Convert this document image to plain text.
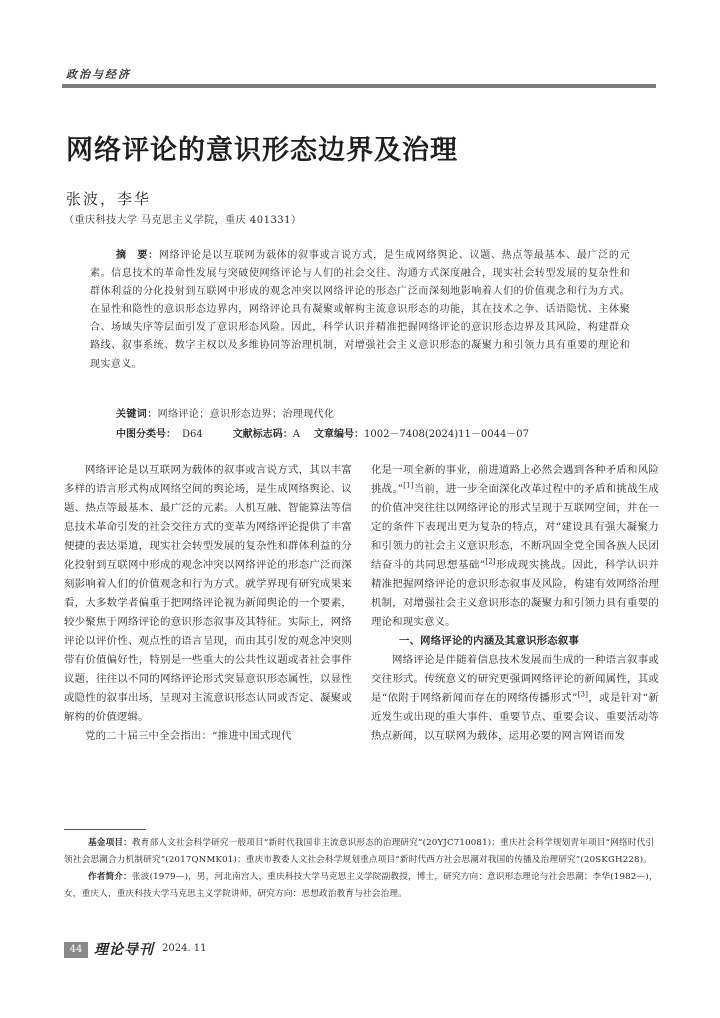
政治与经济
网络评论的意识形态边界及治理
张波，李华
（重庆科技大学 马克思主义学院，重庆 401331）
摘　要：网络评论是以互联网为载体的叙事或言说方式，是生成网络舆论、议题、热点等最基本、最广泛的元素。信息技术的革命性发展与突破使网络评论与人们的社会交往、沟通方式深度融合，现实社会转型发展的复杂性和群体利益的分化投射到互联网中形成的观念冲突以网络评论的形态广泛而深刻地影响着人们的价值观念和行为方式。在显性和隐性的意识形态边界内，网络评论具有凝聚或解构主流意识形态的功能，其在技术之争、话语隐忧、主体聚合、场域失序等层面引发了意识形态风险。因此，科学认识并精准把握网络评论的意识形态边界及其风险，构建群众路线、叙事系统、数字主权以及多维协同等治理机制，对增强社会主义意识形态的凝聚力和引领力具有重要的理论和现实意义。
关键词：网络评论；意识形态边界；治理现代化
中图分类号： D64	文献标志码：A 文章编号：1002－7408(2024)11－0044－07

网络评论是以互联网为载体的叙事或言说方式，其以丰富多样的语言形式构成网络空间的舆论场，是生成网络舆论、议题、热点等最基本、最广泛的元素。人机互融、智能算法等信息技术革命引发的社会交往方式的变革为网络评论提供了丰富便捷的表达渠道，现实社会转型发展的复杂性和群体利益的分化投射到互联网中形成的观念冲突以网络评论的形态广泛而深刻影响着人们的价值观念和行为方式。就学界现有研究成果来看，大多数学者偏重于把网络评论视为新闻舆论的一个要素，较少聚焦于网络评论的意识形态叙事及其特征。实际上，网络评论以评价性、观点性的语言呈现，而由其引发的观念冲突则带有价值偏好性，特别是一些重大的公共性议题或者社会事件议题，往往以不同的网络评论形式突显意识形态属性，以显性或隐性的叙事出场，呈现对主流意识形态认同或否定、凝聚或解构的价值逻辑。

党的二十届三中全会指出：“推进中国式现代

化是一项全新的事业，前进道路上必然会遇到各种矛盾和风险挑战。”[1]当前，进一步全面深化改革过程中的矛盾和挑战生成的价值冲突往往以网络评论的形式呈现于互联网空间，并在一定的条件下表现出更为复杂的特点，对“建设具有强大凝聚力和引领力的社会主义意识形态，不断巩固全党全国各族人民团结奋斗的共同思想基础”[2]形成现实挑战。因此，科学认识并精准把握网络评论的意识形态叙事及风险，构建有效网络治理机制，对增强社会主义意识形态的凝聚力和引领力具有重要的理论和现实意义。

一、网络评论的内涵及其意识形态叙事

网络评论是伴随着信息技术发展而生成的一种语言叙事或交往形式。传统意义的研究更强调网络评论的新闻属性，其或是“依附于网络新闻而存在的网络传播形式”[3]，或是针对“新近发生或出现的重大事件、重要节点、重要会议、重要活动等热点新闻，以互联网为载体，运用必要的网言网语而发

基金项目：教育部人文社会科学研究一般项目“新时代我国非主流意识形态的治理研究”(20YJC710081)；重庆社会科学规划青年项目“网络时代引领社会思潮合力机制研究”(2017QNMK01)；重庆市教委人文社会科学规划重点项目“新时代西方社会思潮对我国的传播及治理研究”(20SKGH228)。

作者简介：张波(1979—)，男，河北南宫人，重庆科技大学马克思主义学院副教授，博士，研究方向：意识形态理论与社会思潮；李华(1982—)，女，重庆人，重庆科技大学马克思主义学院讲师，研究方向：思想政治教育与社会治理。

44 理论导刊 2024. 11
